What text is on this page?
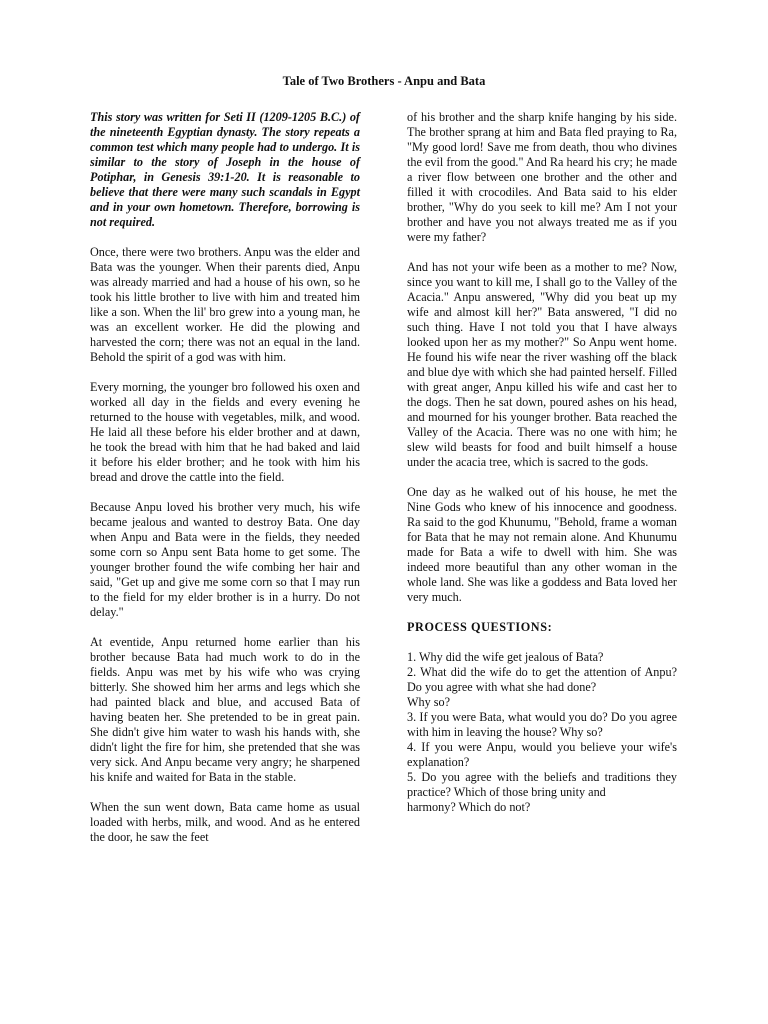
Tale of Two Brothers - Anpu and Bata

This story was written for Seti II (1209-1205 B.C.) of the nineteenth Egyptian dynasty. The story repeats a common test which many people had to undergo. It is similar to the story of Joseph in the house of Potiphar, in Genesis 39:1-20. It is reasonable to believe that there were many such scandals in Egypt and in your own hometown. Therefore, borrowing is not required.

Once, there were two brothers. Anpu was the elder and Bata was the younger. When their parents died, Anpu was already married and had a house of his own, so he took his little brother to live with him and treated him like a son. When the lil' bro grew into a young man, he was an excellent worker. He did the plowing and harvested the corn; there was not an equal in the land. Behold the spirit of a god was with him.

Every morning, the younger bro followed his oxen and worked all day in the fields and every evening he returned to the house with vegetables, milk, and wood. He laid all these before his elder brother and at dawn, he took the bread with him that he had baked and laid it before his elder brother; and he took with him his bread and drove the cattle into the field.

Because Anpu loved his brother very much, his wife became jealous and wanted to destroy Bata. One day when Anpu and Bata were in the fields, they needed some corn so Anpu sent Bata home to get some. The younger brother found the wife combing her hair and said, "Get up and give me some corn so that I may run to the field for my elder brother is in a hurry. Do not delay."

At eventide, Anpu returned home earlier than his brother because Bata had much work to do in the fields. Anpu was met by his wife who was crying bitterly. She showed him her arms and legs which she had painted black and blue, and accused Bata of having beaten her. She pretended to be in great pain. She didn't give him water to wash his hands with, she didn't light the fire for him, she pretended that she was very sick. And Anpu became very angry; he sharpened his knife and waited for Bata in the stable.

When the sun went down, Bata came home as usual loaded with herbs, milk, and wood. And as he entered the door, he saw the feet

of his brother and the sharp knife hanging by his side. The brother sprang at him and Bata fled praying to Ra, "My good lord! Save me from death, thou who divines the evil from the good." And Ra heard his cry; he made a river flow between one brother and the other and filled it with crocodiles. And Bata said to his elder brother, "Why do you seek to kill me? Am I not your brother and have you not always treated me as if you were my father?

And has not your wife been as a mother to me? Now, since you want to kill me, I shall go to the Valley of the Acacia." Anpu answered, "Why did you beat up my wife and almost kill her?" Bata answered, "I did no such thing. Have I not told you that I have always looked upon her as my mother?" So Anpu went home. He found his wife near the river washing off the black and blue dye with which she had painted herself. Filled with great anger, Anpu killed his wife and cast her to the dogs. Then he sat down, poured ashes on his head, and mourned for his younger brother. Bata reached the Valley of the Acacia. There was no one with him; he slew wild beasts for food and built himself a house under the acacia tree, which is sacred to the gods.

One day as he walked out of his house, he met the Nine Gods who knew of his innocence and goodness. Ra said to the god Khunumu, "Behold, frame a woman for Bata that he may not remain alone. And Khunumu made for Bata a wife to dwell with him. She was indeed more beautiful than any other woman in the whole land. She was like a goddess and Bata loved her very much.

PROCESS QUESTIONS:
1. Why did the wife get jealous of Bata?
2. What did the wife do to get the attention of Anpu? Do you agree with what she had done?
Why so?
3. If you were Bata, what would you do? Do you agree with him in leaving the house? Why so?
4. If you were Anpu, would you believe your wife's explanation?
5. Do you agree with the beliefs and traditions they practice? Which of those bring unity and
harmony? Which do not?
